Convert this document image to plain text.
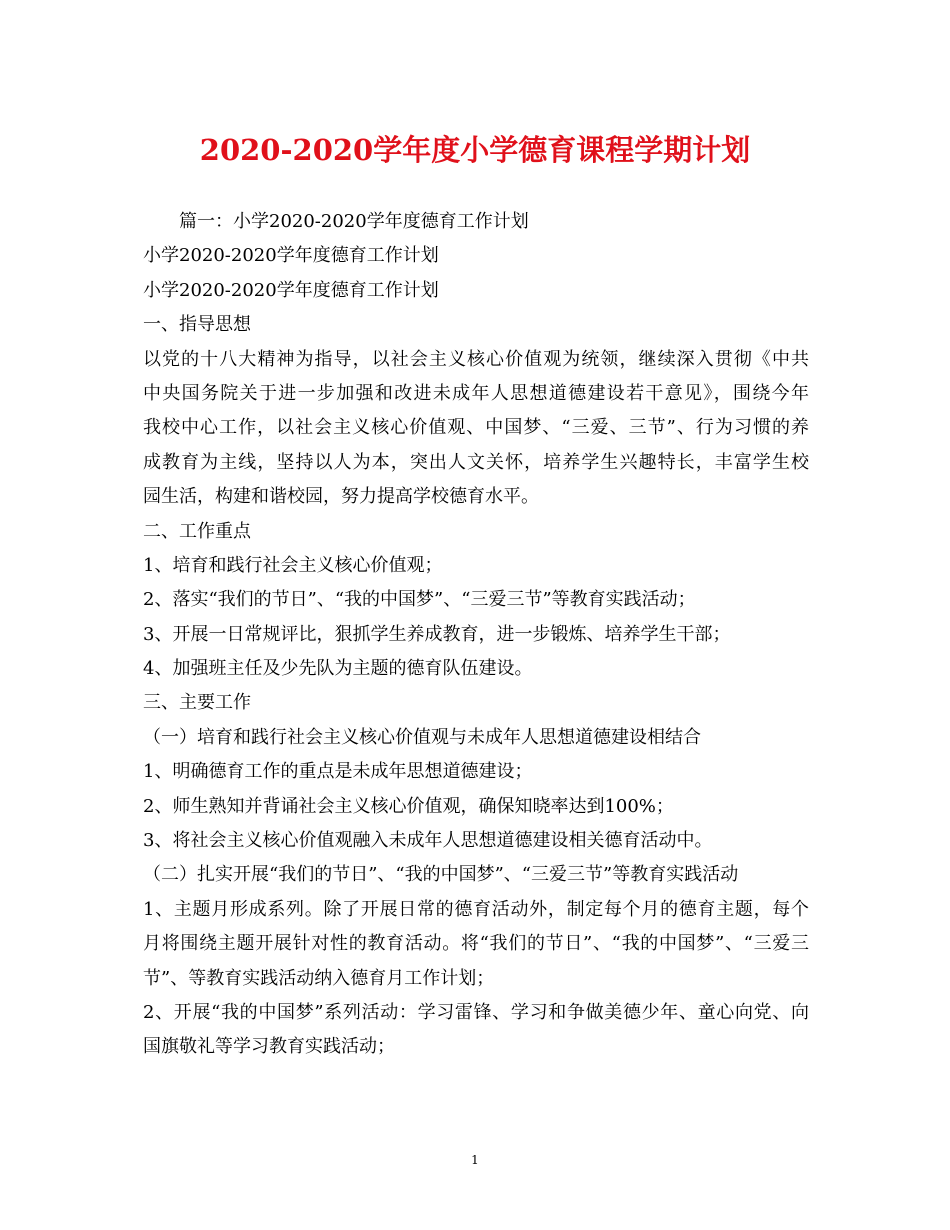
2020-2020学年度小学德育课程学期计划
篇一：小学2020-2020学年度德育工作计划
小学2020-2020学年度德育工作计划
小学2020-2020学年度德育工作计划
一、指导思想
以党的十八大精神为指导，以社会主义核心价值观为统领，继续深入贯彻《中共
中央国务院关于进一步加强和改进未成年人思想道德建设若干意见》，围绕今年
我校中心工作，以社会主义核心价值观、中国梦、“三爱、三节”、行为习惯的养
成教育为主线，坚持以人为本，突出人文关怀，培养学生兴趣特长，丰富学生校
园生活，构建和谐校园，努力提高学校德育水平。
二、工作重点
1、培育和践行社会主义核心价值观；
2、落实“我们的节日”、“我的中国梦”、“三爱三节”等教育实践活动；
3、开展一日常规评比，狠抓学生养成教育，进一步锻炼、培养学生干部；
4、加强班主任及少先队为主题的德育队伍建设。
三、主要工作
（一）培育和践行社会主义核心价值观与未成年人思想道德建设相结合
1、明确德育工作的重点是未成年思想道德建设；
2、师生熟知并背诵社会主义核心价值观，确保知晓率达到100%；
3、将社会主义核心价值观融入未成年人思想道德建设相关德育活动中。
（二）扎实开展“我们的节日”、“我的中国梦”、“三爱三节”等教育实践活动
1、主题月形成系列。除了开展日常的德育活动外，制定每个月的德育主题，每个
月将围绕主题开展针对性的教育活动。将“我们的节日”、“我的中国梦”、“三爱三
节”、等教育实践活动纳入德育月工作计划；
2、开展“我的中国梦”系列活动：学习雷锋、学习和争做美德少年、童心向党、向
国旗敬礼等学习教育实践活动；
1
